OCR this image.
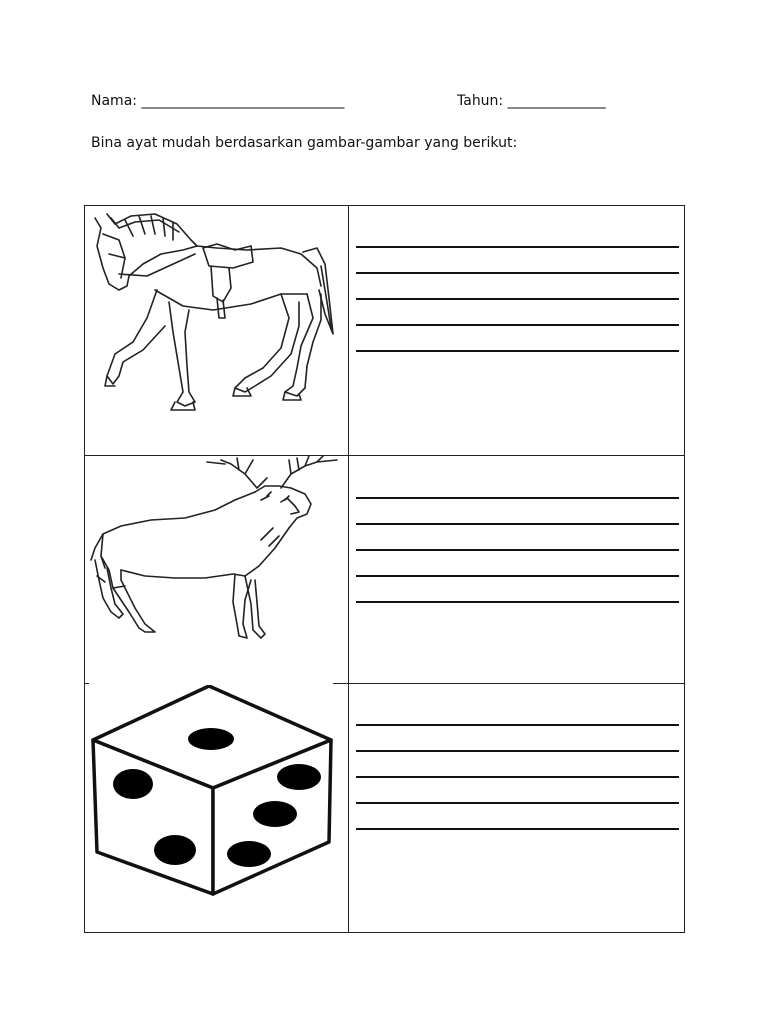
Nama: _____________________________	Tahun: ______________
Bina ayat mudah berdasarkan gambar-gambar yang berikut:
